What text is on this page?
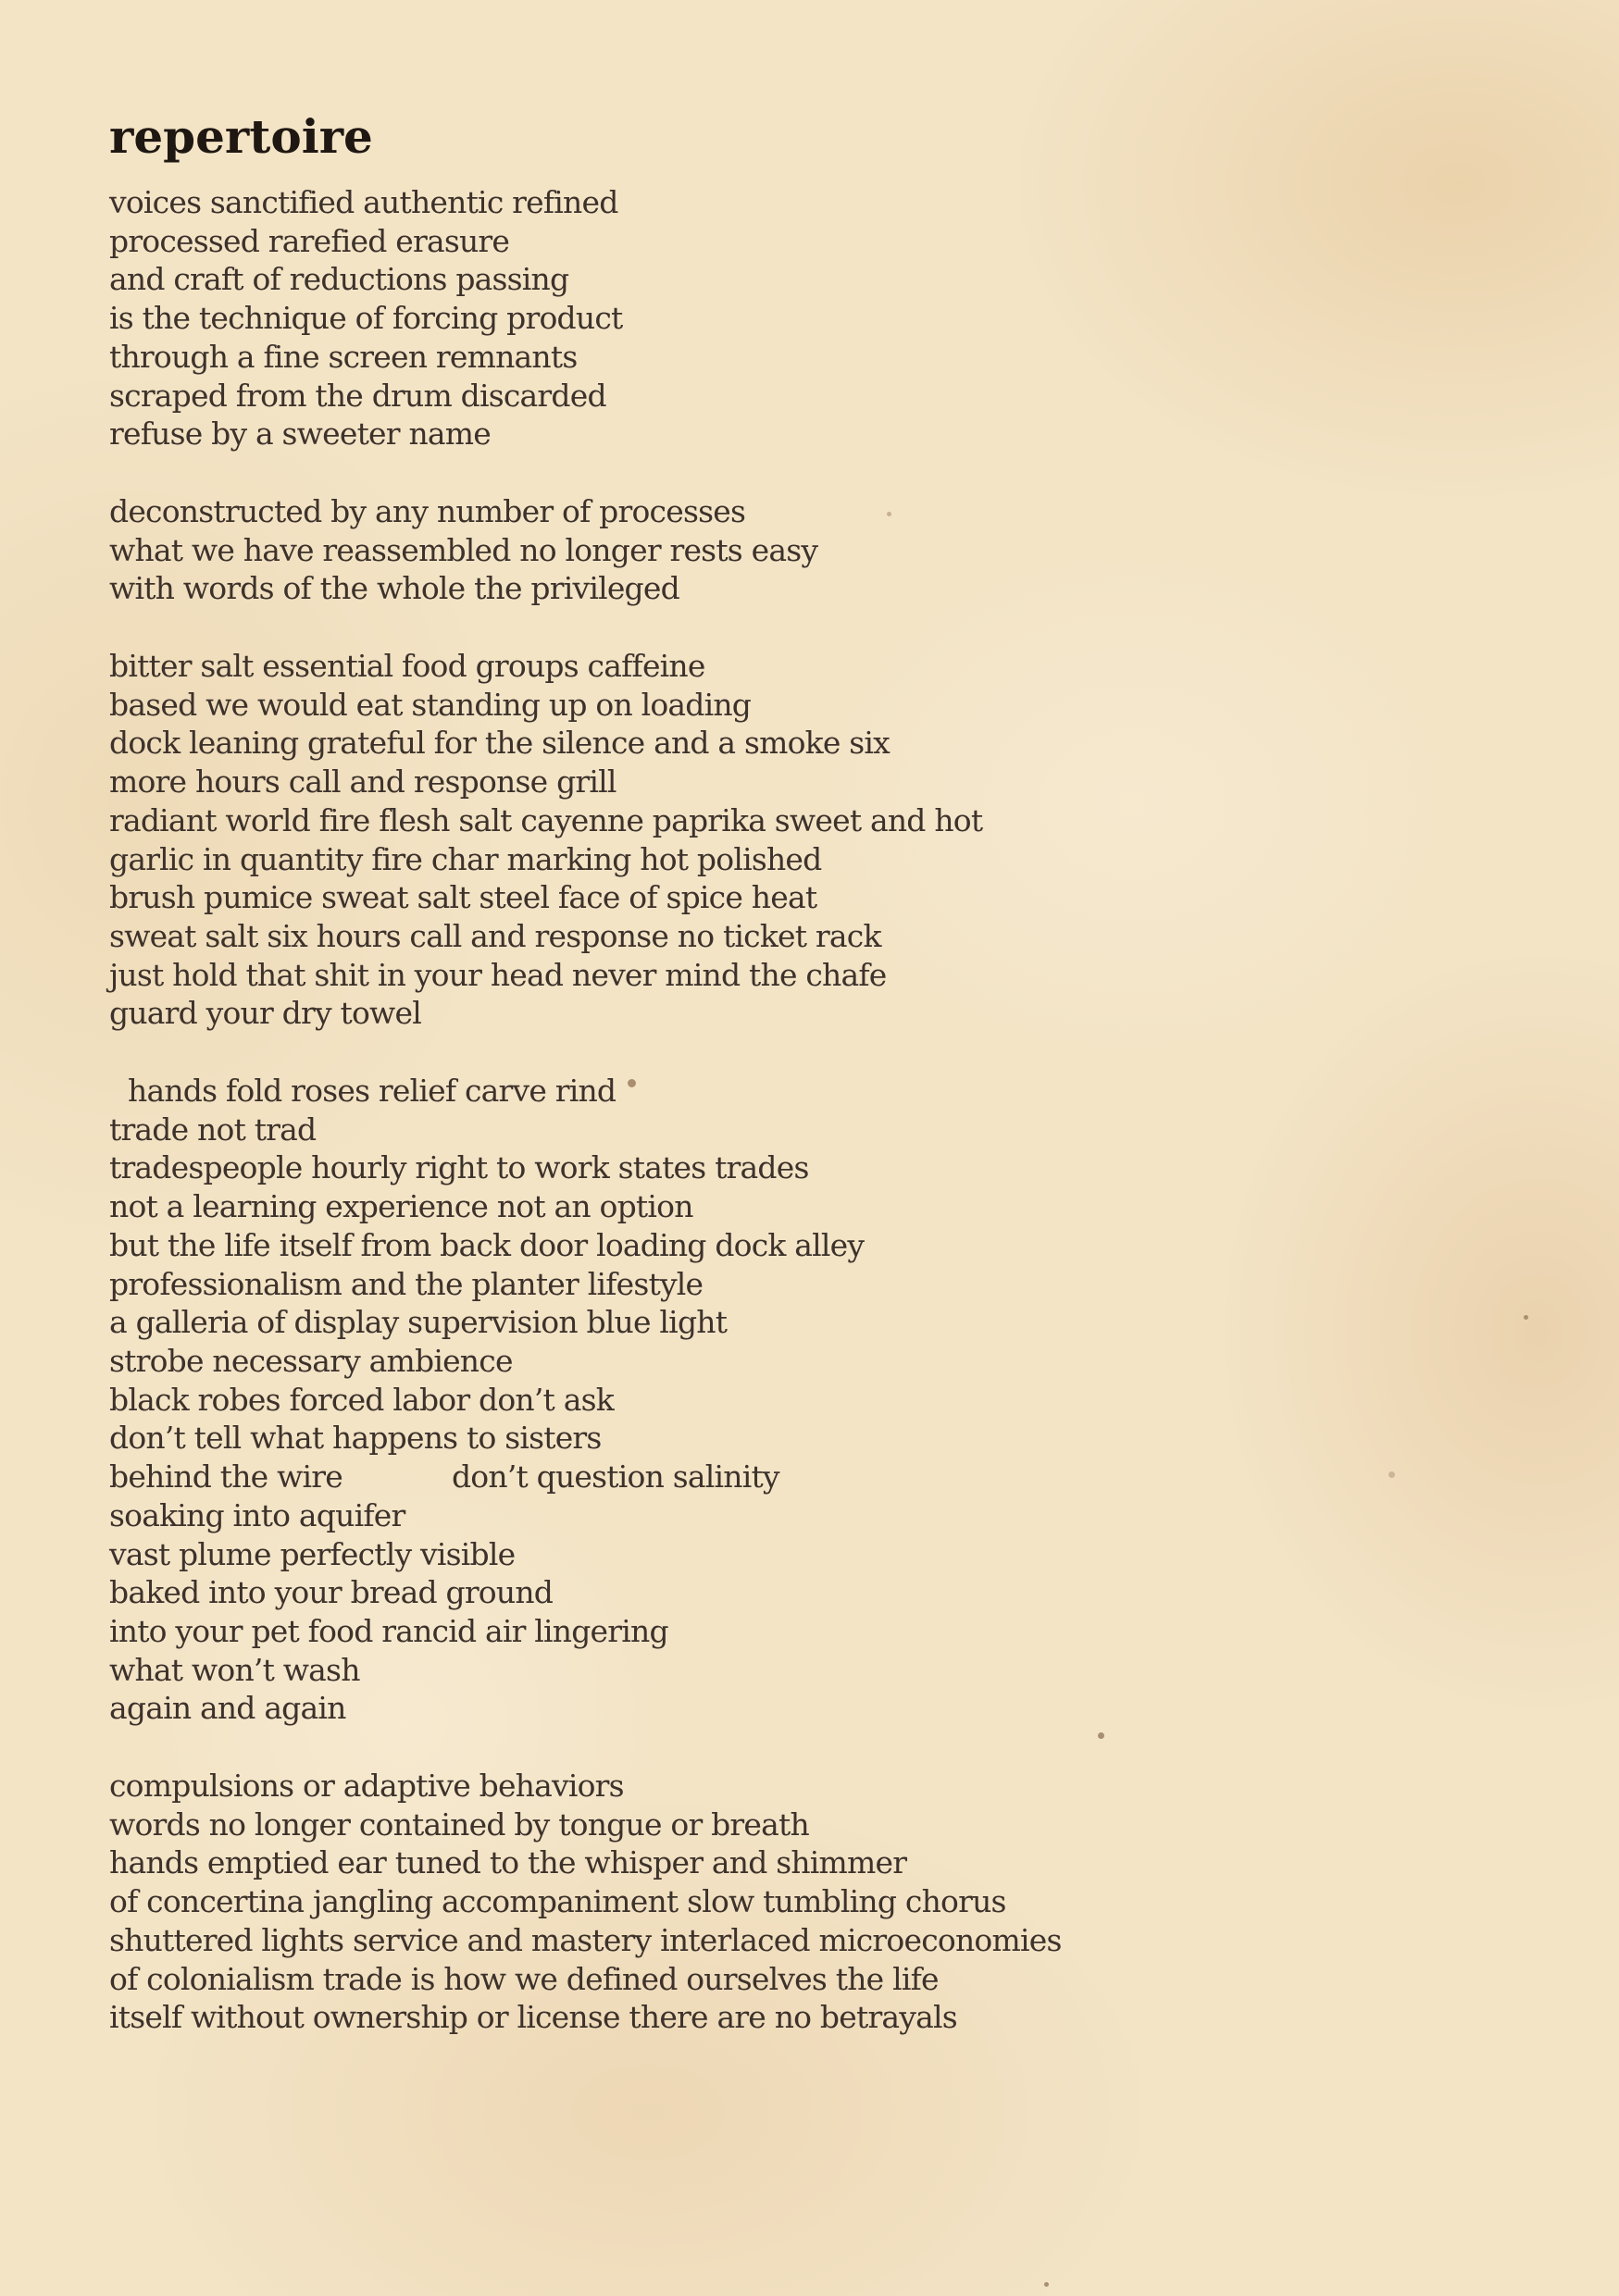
repertoire
voices sanctified authentic refined
processed rarefied erasure
and craft of reductions passing
is the technique of forcing product
through a fine screen remnants
scraped from the drum discarded
refuse by a sweeter name
deconstructed by any number of processes
what we have reassembled no longer rests easy
with words of the whole the privileged
bitter salt essential food groups caffeine
based we would eat standing up on loading
dock leaning grateful for the silence and a smoke six
more hours call and response grill
radiant world fire flesh salt cayenne paprika sweet and hot
garlic in quantity fire char marking hot polished
brush pumice sweat salt steel face of spice heat
sweat salt six hours call and response no ticket rack
just hold that shit in your head never mind the chafe
guard your dry towel
hands fold roses relief carve rind
trade not trad
tradespeople hourly right to work states trades
not a learning experience not an option
but the life itself from back door loading dock alley
professionalism and the planter lifestyle
a galleria of display supervision blue light
strobe necessary ambience
black robes forced labor don’t ask
don’t tell what happens to sisters
behind the wire	don’t question salinity
soaking into aquifer
vast plume perfectly visible
baked into your bread ground
into your pet food rancid air lingering
what won’t wash
again and again
compulsions or adaptive behaviors
words no longer contained by tongue or breath
hands emptied ear tuned to the whisper and shimmer
of concertina jangling accompaniment slow tumbling chorus
shuttered lights service and mastery interlaced microeconomies
of colonialism trade is how we defined ourselves the life
itself without ownership or license there are no betrayals
